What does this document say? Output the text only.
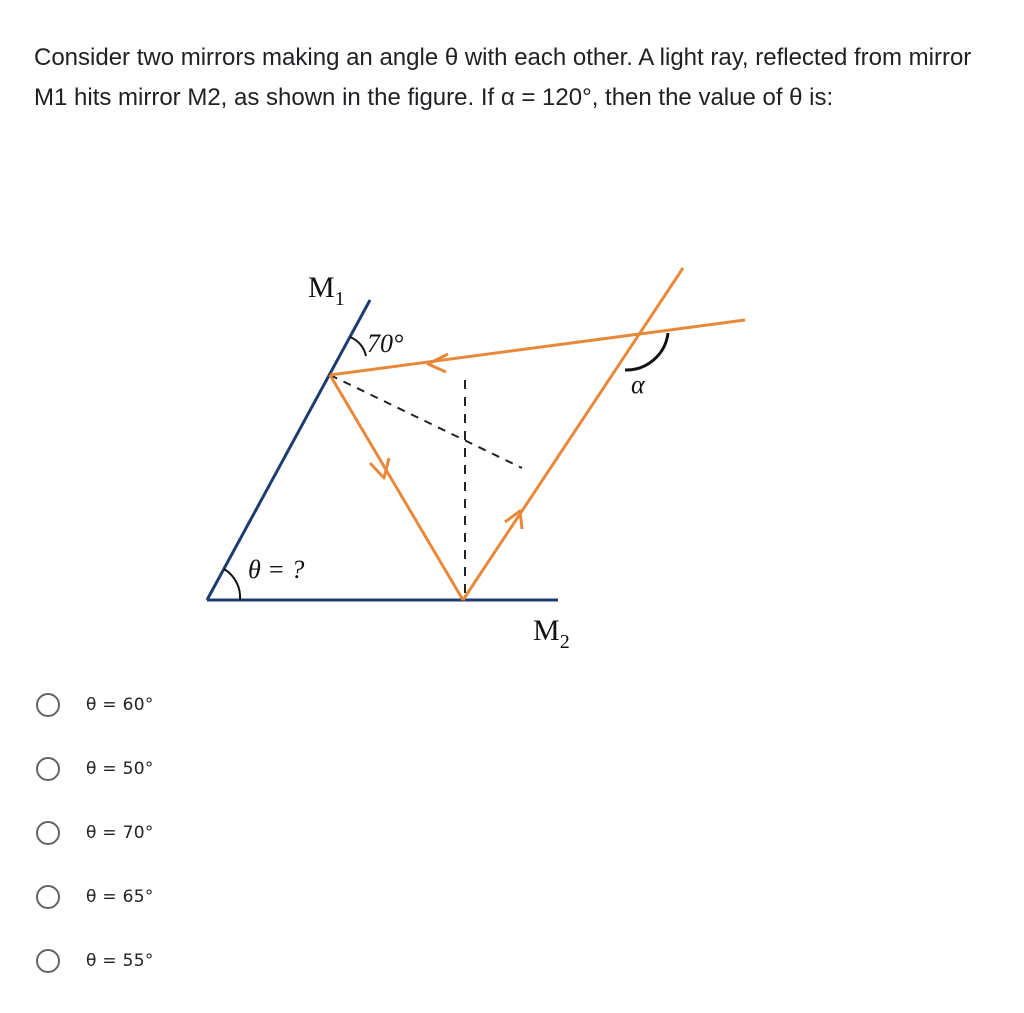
Consider two mirrors making an angle θ with each other. A light ray, reflected from mirror M1 hits mirror M2, as shown in the figure. If α = 120°, then the value of θ is:

$M_1$
70°
θ = ?
α
$M_2$
θ = 60°
θ = 50°
θ = 70°
θ = 65°
θ = 55°
